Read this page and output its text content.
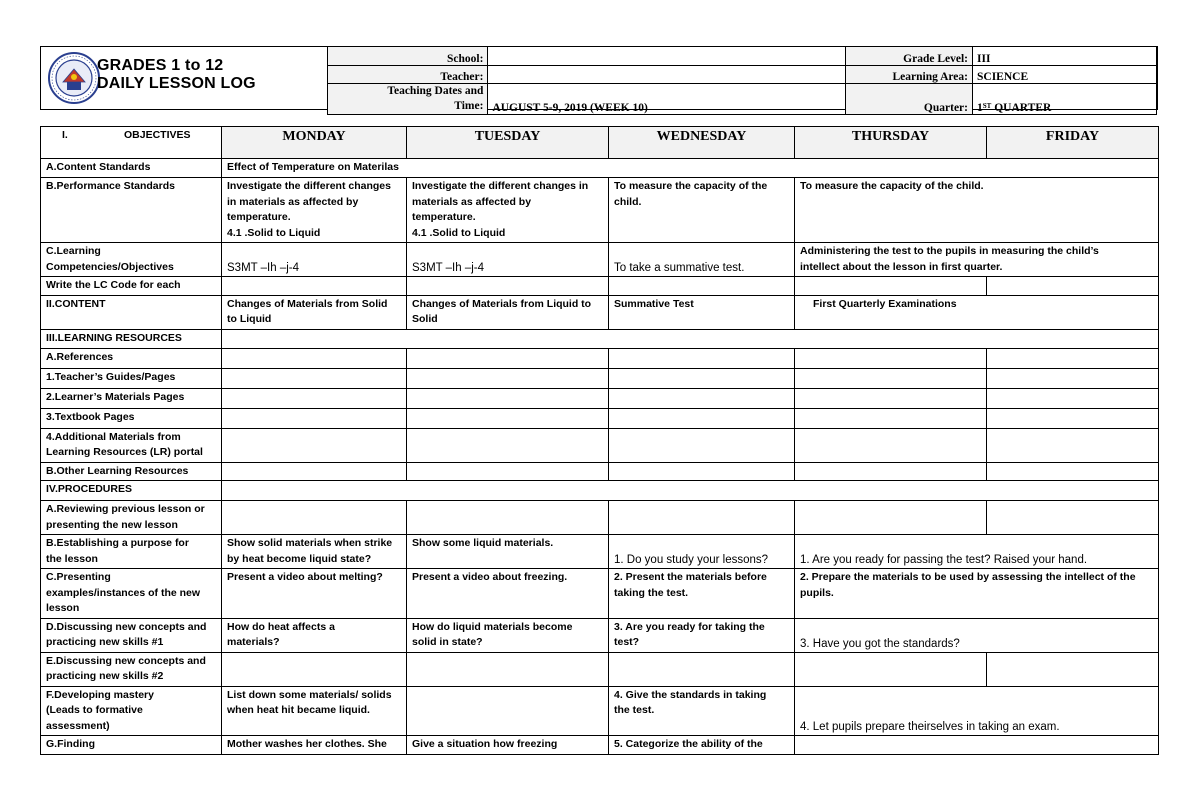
GRADES 1 to 12
DAILY LESSON LOG
School:		Grade Level:	III
Teacher:		Learning Area:	SCIENCE
Teaching Dates and
Time:	AUGUST 5-9, 2019 (WEEK 10)	Quarter:	1ST QUARTER
I. OBJECTIVES	MONDAY	TUESDAY	WEDNESDAY	THURSDAY	FRIDAY
A.Content Standards	Effect of Temperature on Materilas				
B.Performance Standards	Investigate the different changes
in materials as affected by
temperature.
4.1 .Solid to Liquid	Investigate the different changes in
materials as affected by
temperature.
4.1 .Solid to Liquid	To measure the capacity of the
child.	To measure the capacity of the child.	
C.Learning
Competencies/Objectives	S3MT –Ih –j-4	S3MT –Ih –j-4	To take a summative test.	Administering the test to the pupils in measuring the child’s
intellect about the lesson in first quarter.	
Write the LC Code for each					
II.CONTENT	Changes of Materials from Solid
to Liquid	Changes of Materials from Liquid to
Solid	Summative Test	First Quarterly Examinations	
III.LEARNING RESOURCES					
A.References					
1.Teacher’s Guides/Pages					
2.Learner’s Materials Pages					
3.Textbook Pages					
4.Additional Materials from
Learning Resources (LR) portal					
B.Other Learning Resources					
IV.PROCEDURES					
A.Reviewing previous lesson or
presenting the new lesson					
B.Establishing a purpose for
the lesson	Show solid materials when strike
by heat become liquid state?	Show some liquid materials.	1. Do you study your lessons?	1. Are you ready for passing the test? Raised your hand.	
C.Presenting
examples/instances of the new
lesson	Present a video about melting?	Present a video about freezing.	2. Present the materials before
taking the test.	2. Prepare the materials to be used by assessing the intellect of the
pupils.	
D.Discussing new concepts and
practicing new skills #1	How do heat affects a
materials?	How do liquid materials become
solid in state?	3. Are you ready for taking the
test?	3. Have you got the standards?	
E.Discussing new concepts and
practicing new skills #2					
F.Developing mastery
(Leads to formative
assessment)	List down some materials/ solids
when heat hit became liquid.		4. Give the standards in taking
the test.	4. Let pupils prepare theirselves in taking an exam.	
G.Finding	Mother washes her clothes. She	Give a situation how freezing	5. Categorize the ability of the		
